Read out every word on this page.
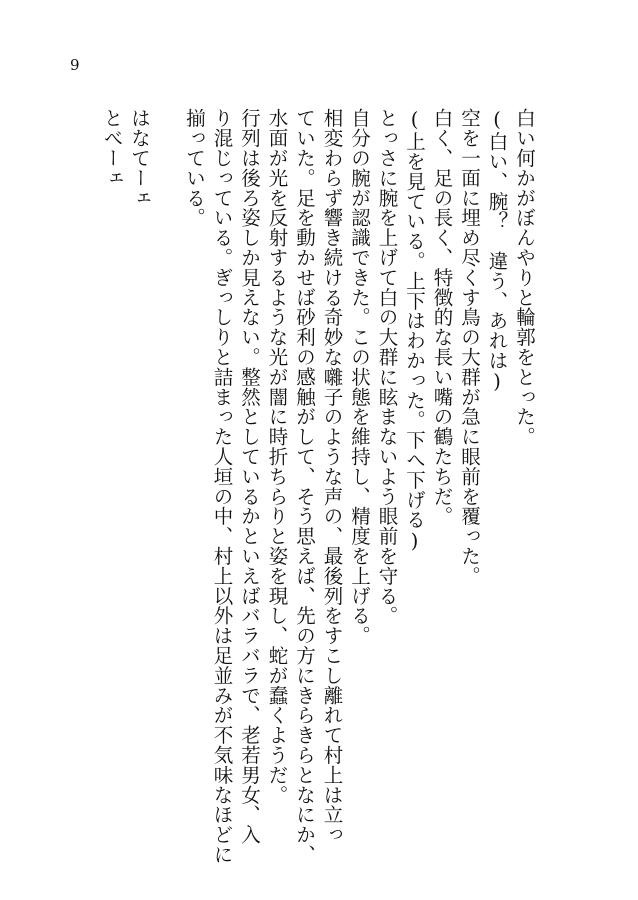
9

白い何かがぼんやりと輪郭をとった。

(白い、腕？　違う、あれは)

空を一面に埋め尽くす鳥の大群が急に眼前を覆った。

白く、足の長く、特徴的な長い嘴の鶴たちだ。

(上を見ている。上下はわかった。下へ下げる)

とっさに腕を上げて白の大群に眩まないよう眼前を守る。

自分の腕が認識できた。この状態を維持し、精度を上げる。

相変わらず響き続ける奇妙な囃子のような声の、最後列をすこし離れて村上は立っ

ていた。足を動かせば砂利の感触がして、そう思えば、先の方にきらきらとなにか、

水面が光を反射するような光が闇に時折ちらりと姿を現し、蛇が蠢くようだ。

行列は後ろ姿しか見えない。整然としているかといえばバラバラで、老若男女、入

り混じっている。ぎっしりと詰まった人垣の中、村上以外は足並みが不気味なほどに

揃っている。

はなてーェ

とべーェ
